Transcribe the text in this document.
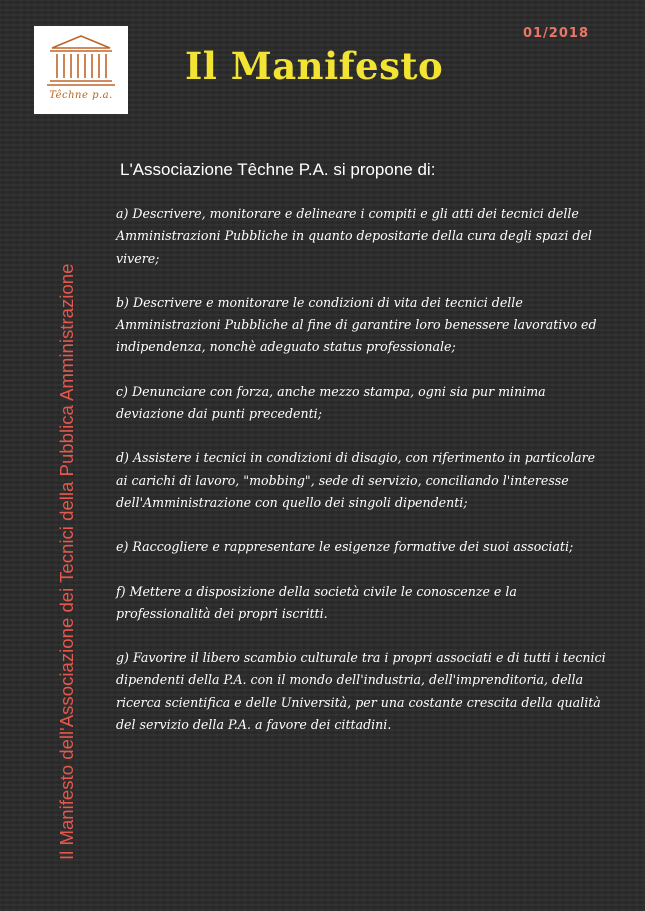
Têchne p.a.
01/2018
Il Manifesto
Il Manifesto dell'Associazione dei Tecnici della Pubblica Amministrazione
L'Associazione Têchne P.A. si propone di:

a) Descrivere, monitorare e delineare i compiti e gli atti dei tecnici delle Amministrazioni Pubbliche in quanto depositarie della cura degli spazi del vivere;

b) Descrivere e monitorare le condizioni di vita dei tecnici delle Amministrazioni Pubbliche al fine di garantire loro benessere lavorativo ed indipendenza, nonchè adeguato status professionale;

c) Denunciare con forza, anche mezzo stampa, ogni sia pur minima deviazione dai punti precedenti;

d) Assistere i tecnici in condizioni di disagio, con riferimento in particolare ai carichi di lavoro, "mobbing", sede di servizio, conciliando l'interesse dell'Amministrazione con quello dei singoli dipendenti;

e) Raccogliere e rappresentare le esigenze formative dei suoi associati;

f) Mettere a disposizione della società civile le conoscenze e la professionalità dei propri iscritti.

g) Favorire il libero scambio culturale tra i propri associati e di tutti i tecnici dipendenti della P.A. con il mondo dell'industria, dell'imprenditoria, della ricerca scientifica e delle Università, per una costante crescita della qualità del servizio della P.A. a favore dei cittadini.
